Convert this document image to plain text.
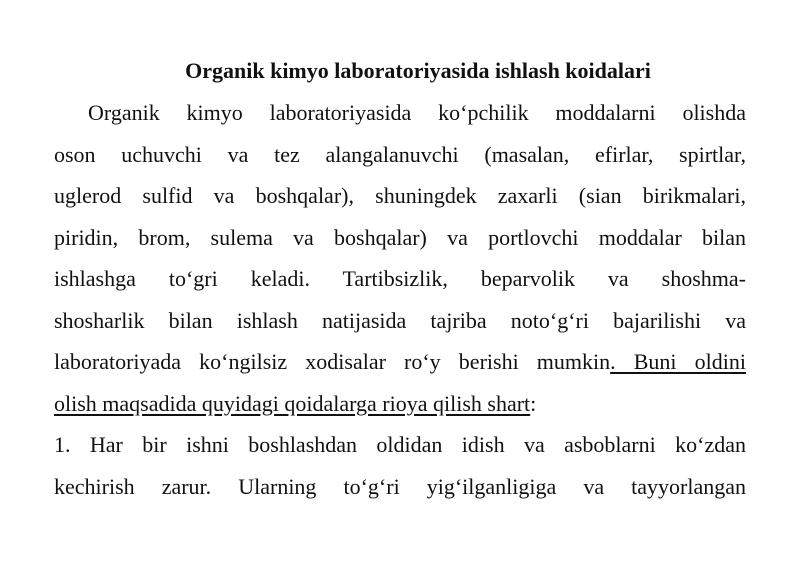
Organik kimyo laboratoriyasida ishlash koidalari
Organik kimyo laboratoriyasida ko‘pchilik moddalarni olishda
oson uchuvchi va tez alangalanuvchi (masalan, efirlar, spirtlar,
uglerod sulfid va boshqalar), shuningdek zaxarli (sian birikmalari,
piridin, brom, sulema va boshqalar) va portlovchi moddalar bilan
ishlashga to‘gri keladi. Tartibsizlik, beparvolik va shoshma-
shosharlik bilan ishlash natijasida tajriba noto‘g‘ri bajarilishi va
laboratoriyada ko‘ngilsiz xodisalar ro‘y berishi mumkin. Buni oldini
olish maqsadida quyidagi qoidalarga rioya qilish shart:
1. Har bir ishni boshlashdan oldidan idish va asboblarni ko‘zdan
kechirish zarur. Ularning to‘g‘ri yig‘ilganligiga va tayyorlangan
